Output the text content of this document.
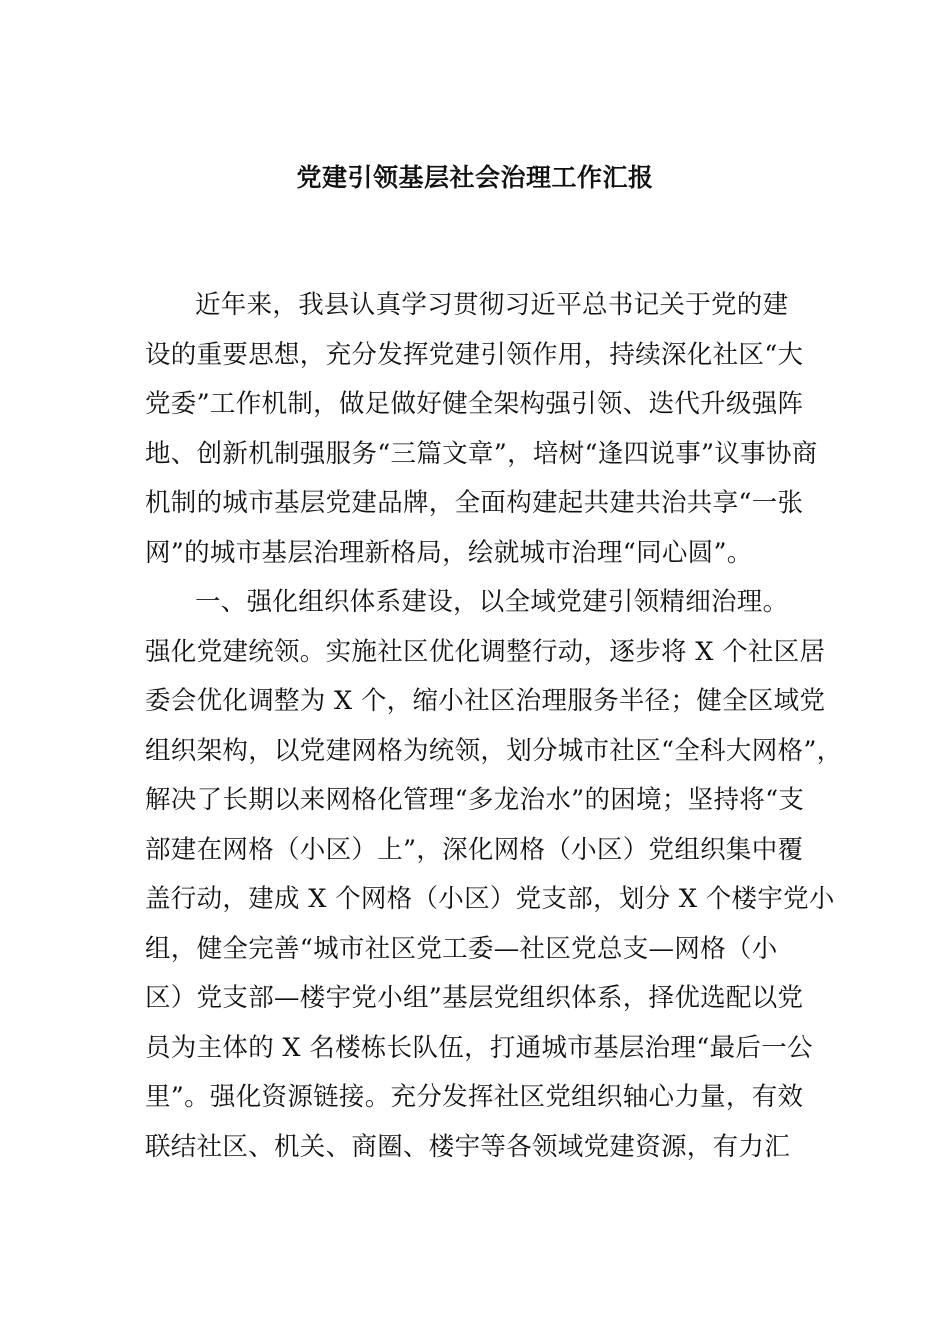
党建引领基层社会治理工作汇报
近年来，我县认真学习贯彻习近平总书记关于党的建
设的重要思想，充分发挥党建引领作用，持续深化社区“大
党委”工作机制，做足做好健全架构强引领、迭代升级强阵
地、创新机制强服务“三篇文章”，培树“逢四说事”议事协商
机制的城市基层党建品牌，全面构建起共建共治共享“一张
网”的城市基层治理新格局，绘就城市治理“同心圆”。
一、强化组织体系建设，以全域党建引领精细治理。
强化党建统领。实施社区优化调整行动，逐步将 X 个社区居
委会优化调整为 X 个，缩小社区治理服务半径；健全区域党
组织架构，以党建网格为统领，划分城市社区“全科大网格”，
解决了长期以来网格化管理“多龙治水”的困境；坚持将“支
部建在网格（小区）上”，深化网格（小区）党组织集中覆
盖行动，建成 X 个网格（小区）党支部，划分 X 个楼宇党小
组，健全完善“城市社区党工委—社区党总支—网格（小
区）党支部—楼宇党小组”基层党组织体系，择优选配以党
员为主体的 X 名楼栋长队伍，打通城市基层治理“最后一公
里”。强化资源链接。充分发挥社区党组织轴心力量，有效
联结社区、机关、商圈、楼宇等各领域党建资源，有力汇
